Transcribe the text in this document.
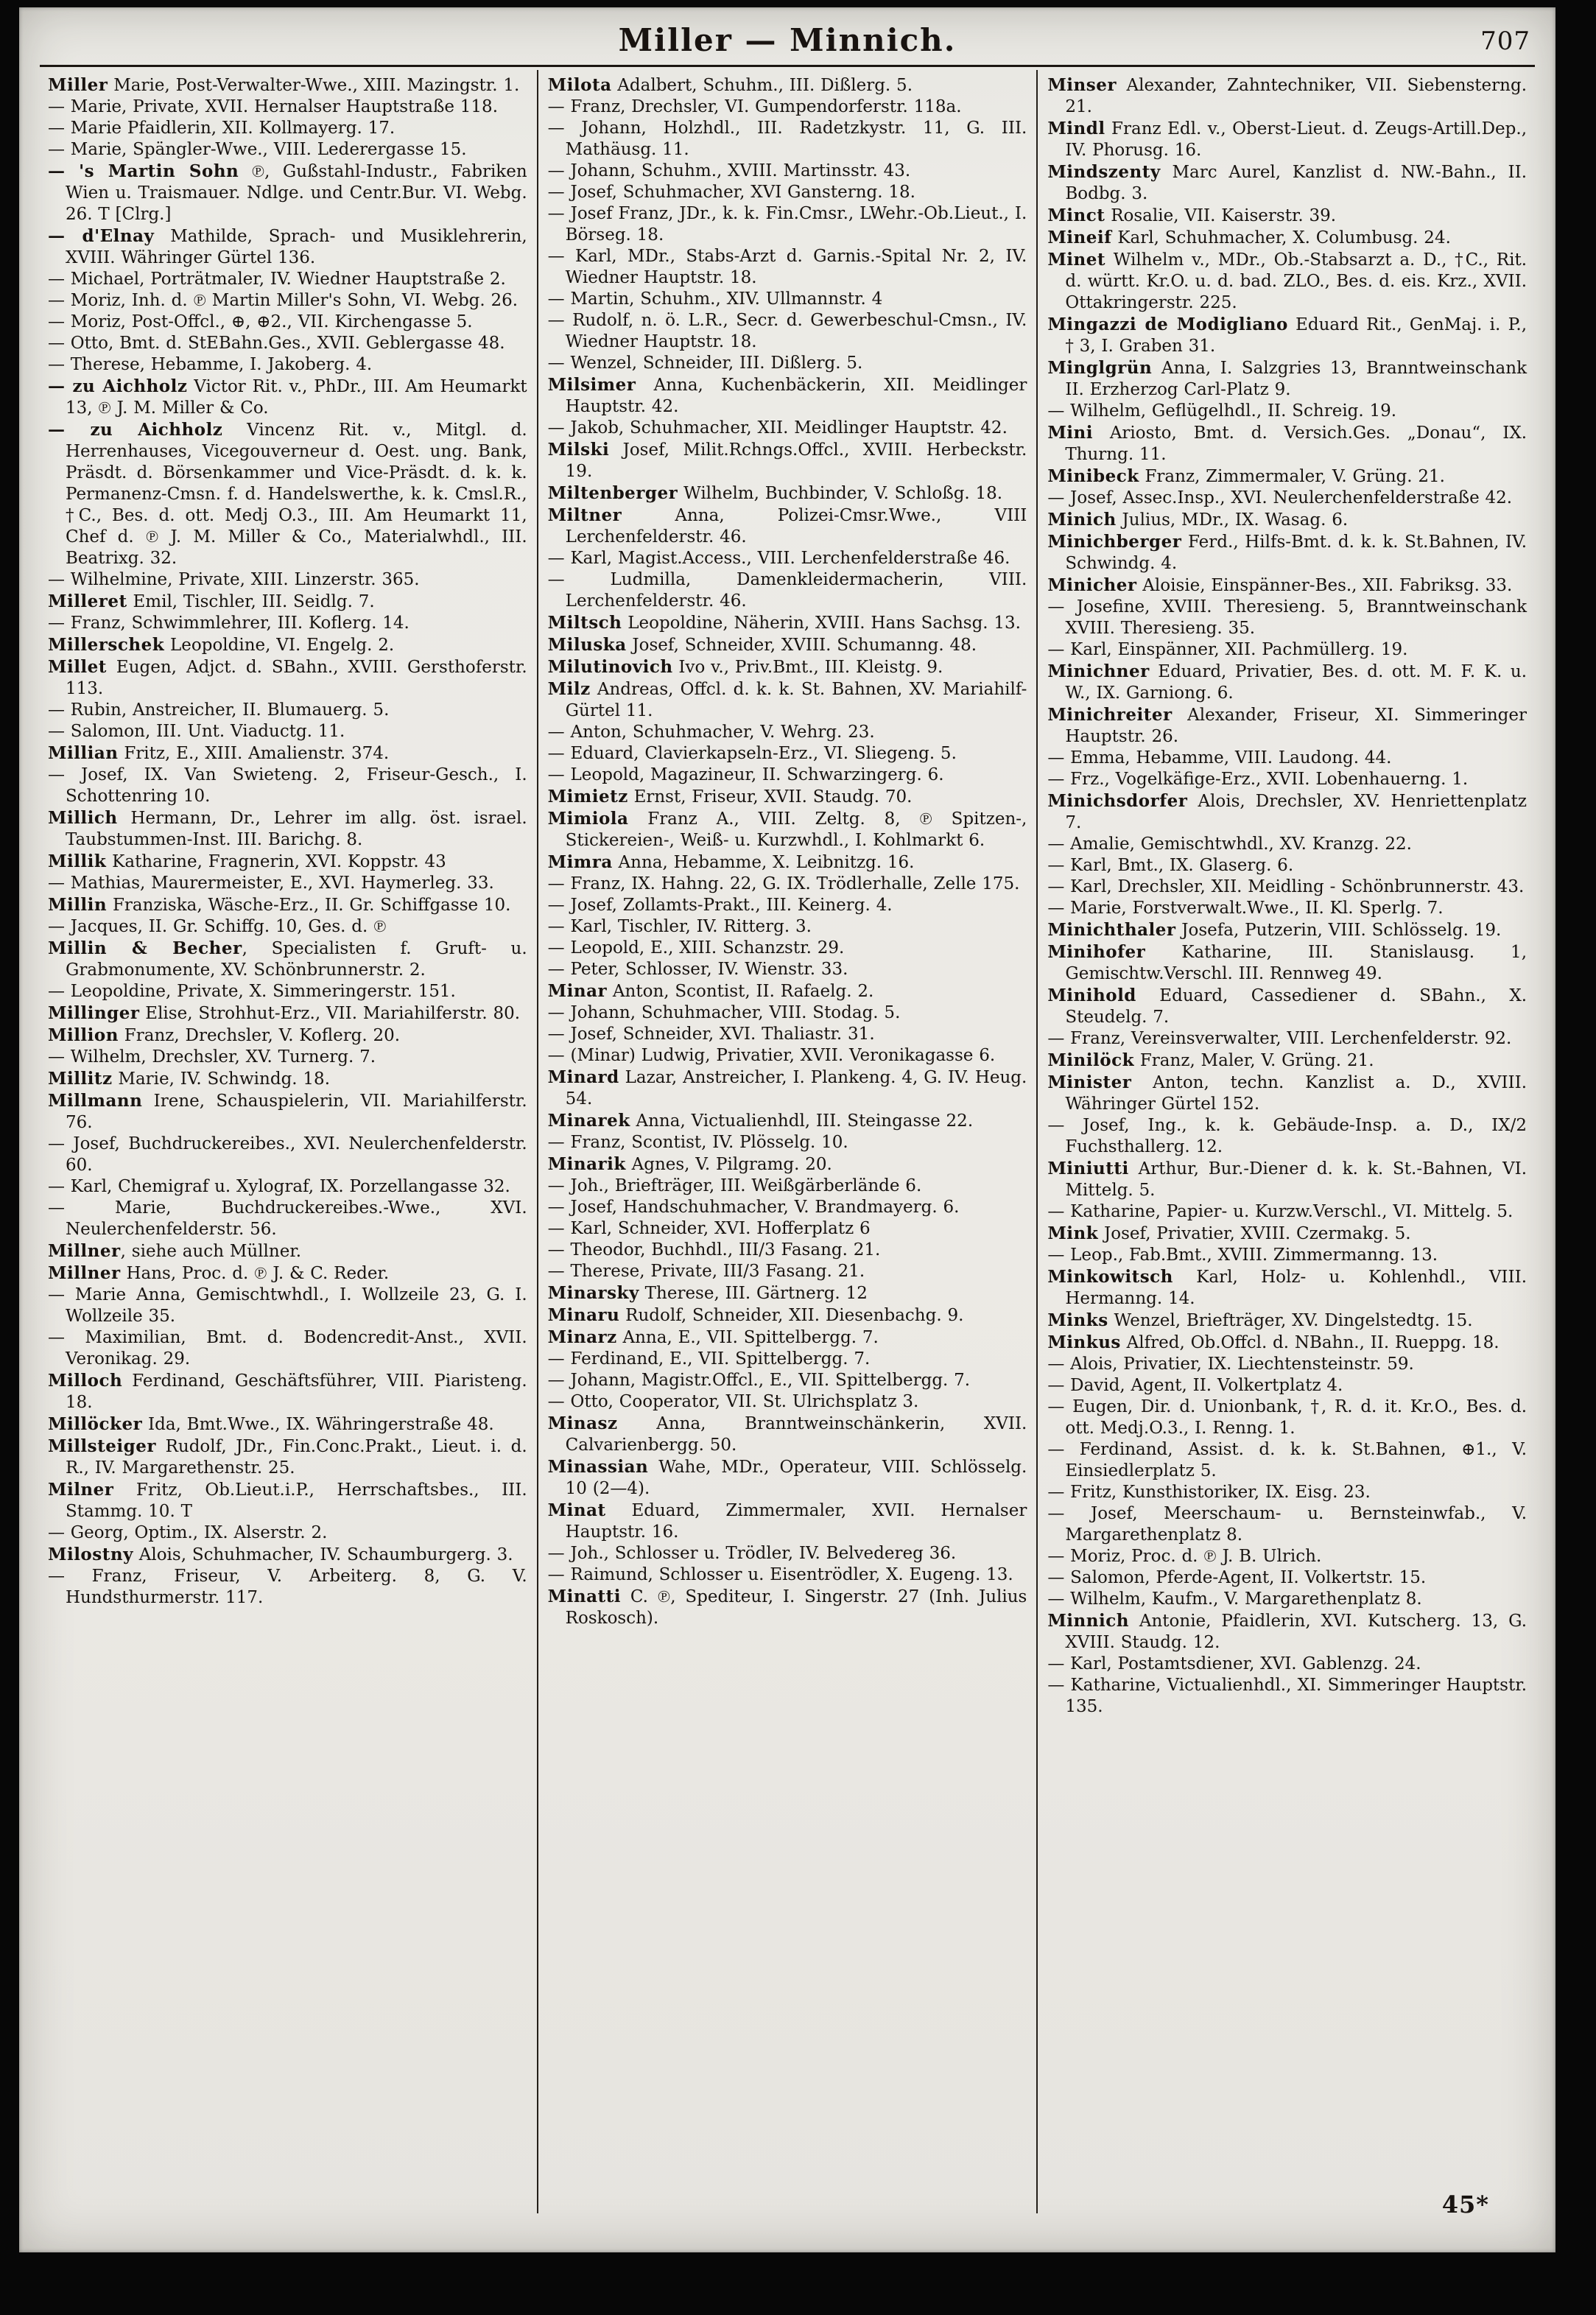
Miller — Minnich.	707

Miller Marie, Post-Verwalter-Wwe., XIII. Mazingstr. 1.

— Marie, Private, XVII. Hernalser Hauptstraße 118.

— Marie Pfaidlerin, XII. Kollmayerg. 17.

— Marie, Spängler-Wwe., VIII. Lederergasse 15.

— 's Martin Sohn ℗, Gußstahl-Industr., Fabriken Wien u. Traismauer. Ndlge. und Centr.Bur. VI. Webg. 26. T [Clrg.]

— d'Elnay Mathilde, Sprach- und Musiklehrerin, XVIII. Währinger Gürtel 136.

— Michael, Porträtmaler, IV. Wiedner Hauptstraße 2.

— Moriz, Inh. d. ℗ Martin Miller's Sohn, VI. Webg. 26.

— Moriz, Post-Offcl., ⊕, ⊕2., VII. Kirchengasse 5.

— Otto, Bmt. d. StEBahn.Ges., XVII. Geblergasse 48.

— Therese, Hebamme, I. Jakoberg. 4.

— zu Aichholz Victor Rit. v., PhDr., III. Am Heumarkt 13, ℗ J. M. Miller & Co.

— zu Aichholz Vincenz Rit. v., Mitgl. d. Herrenhauses, Vicegouverneur d. Oest. ung. Bank, Präsdt. d. Börsenkammer und Vice-Präsdt. d. k. k. Permanenz-Cmsn. f. d. Handelswerthe, k. k. Cmsl.R., †C., Bes. d. ott. Medj O.3., III. Am Heumarkt 11, Chef d. ℗ J. M. Miller & Co., Materialwhdl., III. Beatrixg. 32.

— Wilhelmine, Private, XIII. Linzerstr. 365.

Milleret Emil, Tischler, III. Seidlg. 7.

— Franz, Schwimmlehrer, III. Koflerg. 14.

Millerschek Leopoldine, VI. Engelg. 2.

Millet Eugen, Adjct. d. SBahn., XVIII. Gersthoferstr. 113.

— Rubin, Anstreicher, II. Blumauerg. 5.

— Salomon, III. Unt. Viaductg. 11.

Millian Fritz, E., XIII. Amalienstr. 374.

— Josef, IX. Van Swieteng. 2, Friseur-Gesch., I. Schottenring 10.

Millich Hermann, Dr., Lehrer im allg. öst. israel. Taubstummen-Inst. III. Barichg. 8.

Millik Katharine, Fragnerin, XVI. Koppstr. 43

— Mathias, Maurermeister, E., XVI. Haymerleg. 33.

Millin Franziska, Wäsche-Erz., II. Gr. Schiffgasse 10.

— Jacques, II. Gr. Schiffg. 10, Ges. d. ℗

Millin & Becher, Specialisten f. Gruft- u. Grabmonumente, XV. Schönbrunnerstr. 2.

— Leopoldine, Private, X. Simmeringerstr. 151.

Millinger Elise, Strohhut-Erz., VII. Mariahilferstr. 80.

Million Franz, Drechsler, V. Koflerg. 20.

— Wilhelm, Drechsler, XV. Turnerg. 7.

Millitz Marie, IV. Schwindg. 18.

Millmann Irene, Schauspielerin, VII. Mariahilferstr. 76.

— Josef, Buchdruckereibes., XVI. Neulerchenfelderstr. 60.

— Karl, Chemigraf u. Xylograf, IX. Porzellangasse 32.

— Marie, Buchdruckereibes.-Wwe., XVI. Neulerchenfelderstr. 56.

Millner, siehe auch Müllner.

Millner Hans, Proc. d. ℗ J. & C. Reder.

— Marie Anna, Gemischtwhdl., I. Wollzeile 23, G. I. Wollzeile 35.

— Maximilian, Bmt. d. Bodencredit-Anst., XVII. Veronikag. 29.

Milloch Ferdinand, Geschäftsführer, VIII. Piaristeng. 18.

Millöcker Ida, Bmt.Wwe., IX. Währingerstraße 48.

Millsteiger Rudolf, JDr., Fin.Conc.Prakt., Lieut. i. d. R., IV. Margarethenstr. 25.

Milner Fritz, Ob.Lieut.i.P., Herrschaftsbes., III. Stammg. 10. T

— Georg, Optim., IX. Alserstr. 2.

Milostny Alois, Schuhmacher, IV. Schaumburgerg. 3.

— Franz, Friseur, V. Arbeiterg. 8, G. V. Hundsthurmerstr. 117.

Milota Adalbert, Schuhm., III. Dißlerg. 5.

— Franz, Drechsler, VI. Gumpendorferstr. 118a.

— Johann, Holzhdl., III. Radetzkystr. 11, G. III. Mathäusg. 11.

— Johann, Schuhm., XVIII. Martinsstr. 43.

— Josef, Schuhmacher, XVI Gansterng. 18.

— Josef Franz, JDr., k. k. Fin.Cmsr., LWehr.-Ob.Lieut., I. Börseg. 18.

— Karl, MDr., Stabs-Arzt d. Garnis.-Spital Nr. 2, IV. Wiedner Hauptstr. 18.

— Martin, Schuhm., XIV. Ullmannstr. 4

— Rudolf, n. ö. L.R., Secr. d. Gewerbeschul-Cmsn., IV. Wiedner Hauptstr. 18.

— Wenzel, Schneider, III. Dißlerg. 5.

Milsimer Anna, Kuchenbäckerin, XII. Meidlinger Hauptstr. 42.

— Jakob, Schuhmacher, XII. Meidlinger Hauptstr. 42.

Milski Josef, Milit.Rchngs.Offcl., XVIII. Herbeckstr. 19.

Miltenberger Wilhelm, Buchbinder, V. Schloßg. 18.

Miltner Anna, Polizei-Cmsr.Wwe., VIII Lerchenfelderstr. 46.

— Karl, Magist.Access., VIII. Lerchenfelderstraße 46.

— Ludmilla, Damenkleidermacherin, VIII. Lerchenfelderstr. 46.

Miltsch Leopoldine, Näherin, XVIII. Hans Sachsg. 13.

Miluska Josef, Schneider, XVIII. Schumanng. 48.

Milutinovich Ivo v., Priv.Bmt., III. Kleistg. 9.

Milz Andreas, Offcl. d. k. k. St. Bahnen, XV. Mariahilf-Gürtel 11.

— Anton, Schuhmacher, V. Wehrg. 23.

— Eduard, Clavierkapseln-Erz., VI. Sliegeng. 5.

— Leopold, Magazineur, II. Schwarzingerg. 6.

Mimietz Ernst, Friseur, XVII. Staudg. 70.

Mimiola Franz A., VIII. Zeltg. 8, ℗ Spitzen-, Stickereien-, Weiß- u. Kurzwhdl., I. Kohlmarkt 6.

Mimra Anna, Hebamme, X. Leibnitzg. 16.

— Franz, IX. Hahng. 22, G. IX. Trödlerhalle, Zelle 175.

— Josef, Zollamts-Prakt., III. Keinerg. 4.

— Karl, Tischler, IV. Ritterg. 3.

— Leopold, E., XIII. Schanzstr. 29.

— Peter, Schlosser, IV. Wienstr. 33.

Minar Anton, Scontist, II. Rafaelg. 2.

— Johann, Schuhmacher, VIII. Stodag. 5.

— Josef, Schneider, XVI. Thaliastr. 31.

— (Minar) Ludwig, Privatier, XVII. Veronikagasse 6.

Minard Lazar, Anstreicher, I. Plankeng. 4, G. IV. Heug. 54.

Minarek Anna, Victualienhdl, III. Steingasse 22.

— Franz, Scontist, IV. Plösselg. 10.

Minarik Agnes, V. Pilgramg. 20.

— Joh., Briefträger, III. Weißgärberlände 6.

— Josef, Handschuhmacher, V. Brandmayerg. 6.

— Karl, Schneider, XVI. Hofferplatz 6

— Theodor, Buchhdl., III/3 Fasang. 21.

— Therese, Private, III/3 Fasang. 21.

Minarsky Therese, III. Gärtnerg. 12

Minaru Rudolf, Schneider, XII. Diesenbachg. 9.

Minarz Anna, E., VII. Spittelbergg. 7.

— Ferdinand, E., VII. Spittelbergg. 7.

— Johann, Magistr.Offcl., E., VII. Spittelbergg. 7.

— Otto, Cooperator, VII. St. Ulrichsplatz 3.

Minasz Anna, Branntweinschänkerin, XVII. Calvarienbergg. 50.

Minassian Wahe, MDr., Operateur, VIII. Schlösselg. 10 (2—4).

Minat Eduard, Zimmermaler, XVII. Hernalser Hauptstr. 16.

— Joh., Schlosser u. Trödler, IV. Belvedereg 36.

— Raimund, Schlosser u. Eisentrödler, X. Eugeng. 13.

Minatti C. ℗, Spediteur, I. Singerstr. 27 (Inh. Julius Roskosch).

Minser Alexander, Zahntechniker, VII. Siebensterng. 21.

Mindl Franz Edl. v., Oberst-Lieut. d. Zeugs-Artill.Dep., IV. Phorusg. 16.

Mindszenty Marc Aurel, Kanzlist d. NW.-Bahn., II. Bodbg. 3.

Minct Rosalie, VII. Kaiserstr. 39.

Mineif Karl, Schuhmacher, X. Columbusg. 24.

Minet Wilhelm v., MDr., Ob.-Stabsarzt a. D., †C., Rit. d. württ. Kr.O. u. d. bad. ZLO., Bes. d. eis. Krz., XVII. Ottakringerstr. 225.

Mingazzi de Modigliano Eduard Rit., GenMaj. i. P., † 3, I. Graben 31.

Minglgrün Anna, I. Salzgries 13, Branntweinschank II. Erzherzog Carl-Platz 9.

— Wilhelm, Geflügelhdl., II. Schreig. 19.

Mini Ariosto, Bmt. d. Versich.Ges. „Donau“, IX. Thurng. 11.

Minibeck Franz, Zimmermaler, V. Grüng. 21.

— Josef, Assec.Insp., XVI. Neulerchenfelderstraße 42.

Minich Julius, MDr., IX. Wasag. 6.

Minichberger Ferd., Hilfs-Bmt. d. k. k. St.Bahnen, IV. Schwindg. 4.

Minicher Aloisie, Einspänner-Bes., XII. Fabriksg. 33.

— Josefine, XVIII. Theresieng. 5, Branntweinschank XVIII. Theresieng. 35.

— Karl, Einspänner, XII. Pachmüllerg. 19.

Minichner Eduard, Privatier, Bes. d. ott. M. F. K. u. W., IX. Garniong. 6.

Minichreiter Alexander, Friseur, XI. Simmeringer Hauptstr. 26.

— Emma, Hebamme, VIII. Laudong. 44.

— Frz., Vogelkäfige-Erz., XVII. Lobenhauerng. 1.

Minichsdorfer Alois, Drechsler, XV. Henriettenplatz 7.

— Amalie, Gemischtwhdl., XV. Kranzg. 22.

— Karl, Bmt., IX. Glaserg. 6.

— Karl, Drechsler, XII. Meidling - Schönbrunnerstr. 43.

— Marie, Forstverwalt.Wwe., II. Kl. Sperlg. 7.

Minichthaler Josefa, Putzerin, VIII. Schlösselg. 19.

Minihofer Katharine, III. Stanislausg. 1, Gemischtw.Verschl. III. Rennweg 49.

Minihold Eduard, Cassediener d. SBahn., X. Steudelg. 7.

— Franz, Vereinsverwalter, VIII. Lerchenfelderstr. 92.

Minilöck Franz, Maler, V. Grüng. 21.

Minister Anton, techn. Kanzlist a. D., XVIII. Währinger Gürtel 152.

— Josef, Ing., k. k. Gebäude-Insp. a. D., IX/2 Fuchsthallerg. 12.

Miniutti Arthur, Bur.-Diener d. k. k. St.-Bahnen, VI. Mittelg. 5.

— Katharine, Papier- u. Kurzw.Verschl., VI. Mittelg. 5.

Mink Josef, Privatier, XVIII. Czermakg. 5.

— Leop., Fab.Bmt., XVIII. Zimmermanng. 13.

Minkowitsch Karl, Holz- u. Kohlenhdl., VIII. Hermanng. 14.

Minks Wenzel, Briefträger, XV. Dingelstedtg. 15.

Minkus Alfred, Ob.Offcl. d. NBahn., II. Rueppg. 18.

— Alois, Privatier, IX. Liechtensteinstr. 59.

— David, Agent, II. Volkertplatz 4.

— Eugen, Dir. d. Unionbank, †, R. d. it. Kr.O., Bes. d. ott. Medj.O.3., I. Renng. 1.

— Ferdinand, Assist. d. k. k. St.Bahnen, ⊕1., V. Einsiedlerplatz 5.

— Fritz, Kunsthistoriker, IX. Eisg. 23.

— Josef, Meerschaum- u. Bernsteinwfab., V. Margarethenplatz 8.

— Moriz, Proc. d. ℗ J. B. Ulrich.

— Salomon, Pferde-Agent, II. Volkertstr. 15.

— Wilhelm, Kaufm., V. Margarethenplatz 8.

Minnich Antonie, Pfaidlerin, XVI. Kutscherg. 13, G. XVIII. Staudg. 12.

— Karl, Postamtsdiener, XVI. Gablenzg. 24.

— Katharine, Victualienhdl., XI. Simmeringer Hauptstr. 135.

45*
